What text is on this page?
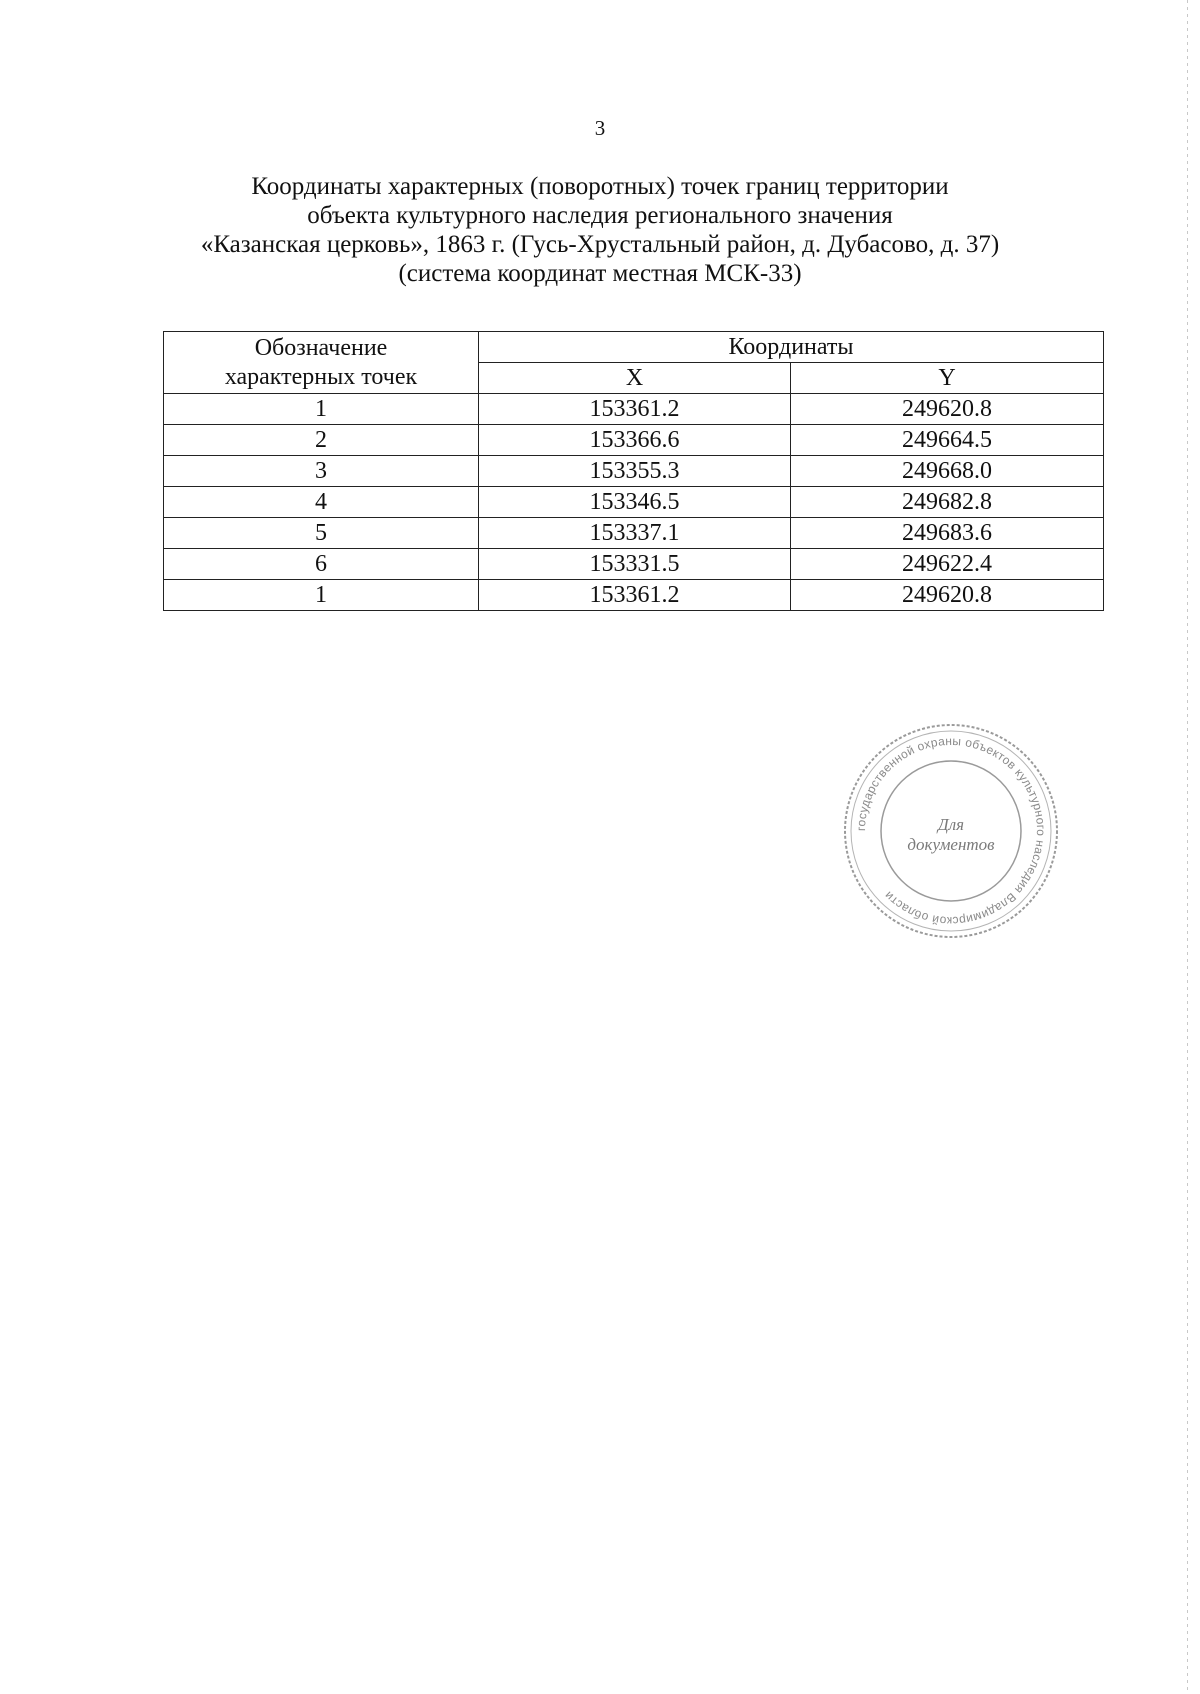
3
Координаты характерных (поворотных) точек границ территории
объекта культурного наследия регионального значения
«Казанская церковь», 1863 г. (Гусь-Хрустальный район, д. Дубасово, д. 37)
(система координат местная МСК-33)
Обозначение
характерных точек	Координаты	
	X	Y
1	153361.2	249620.8
2	153366.6	249664.5
3	153355.3	249668.0
4	153346.5	249682.8
5	153337.1	249683.6
6	153331.5	249622.4
1	153361.2	249620.8
государственной охраны объектов культурного наследия Владимирской области
Для
документов
